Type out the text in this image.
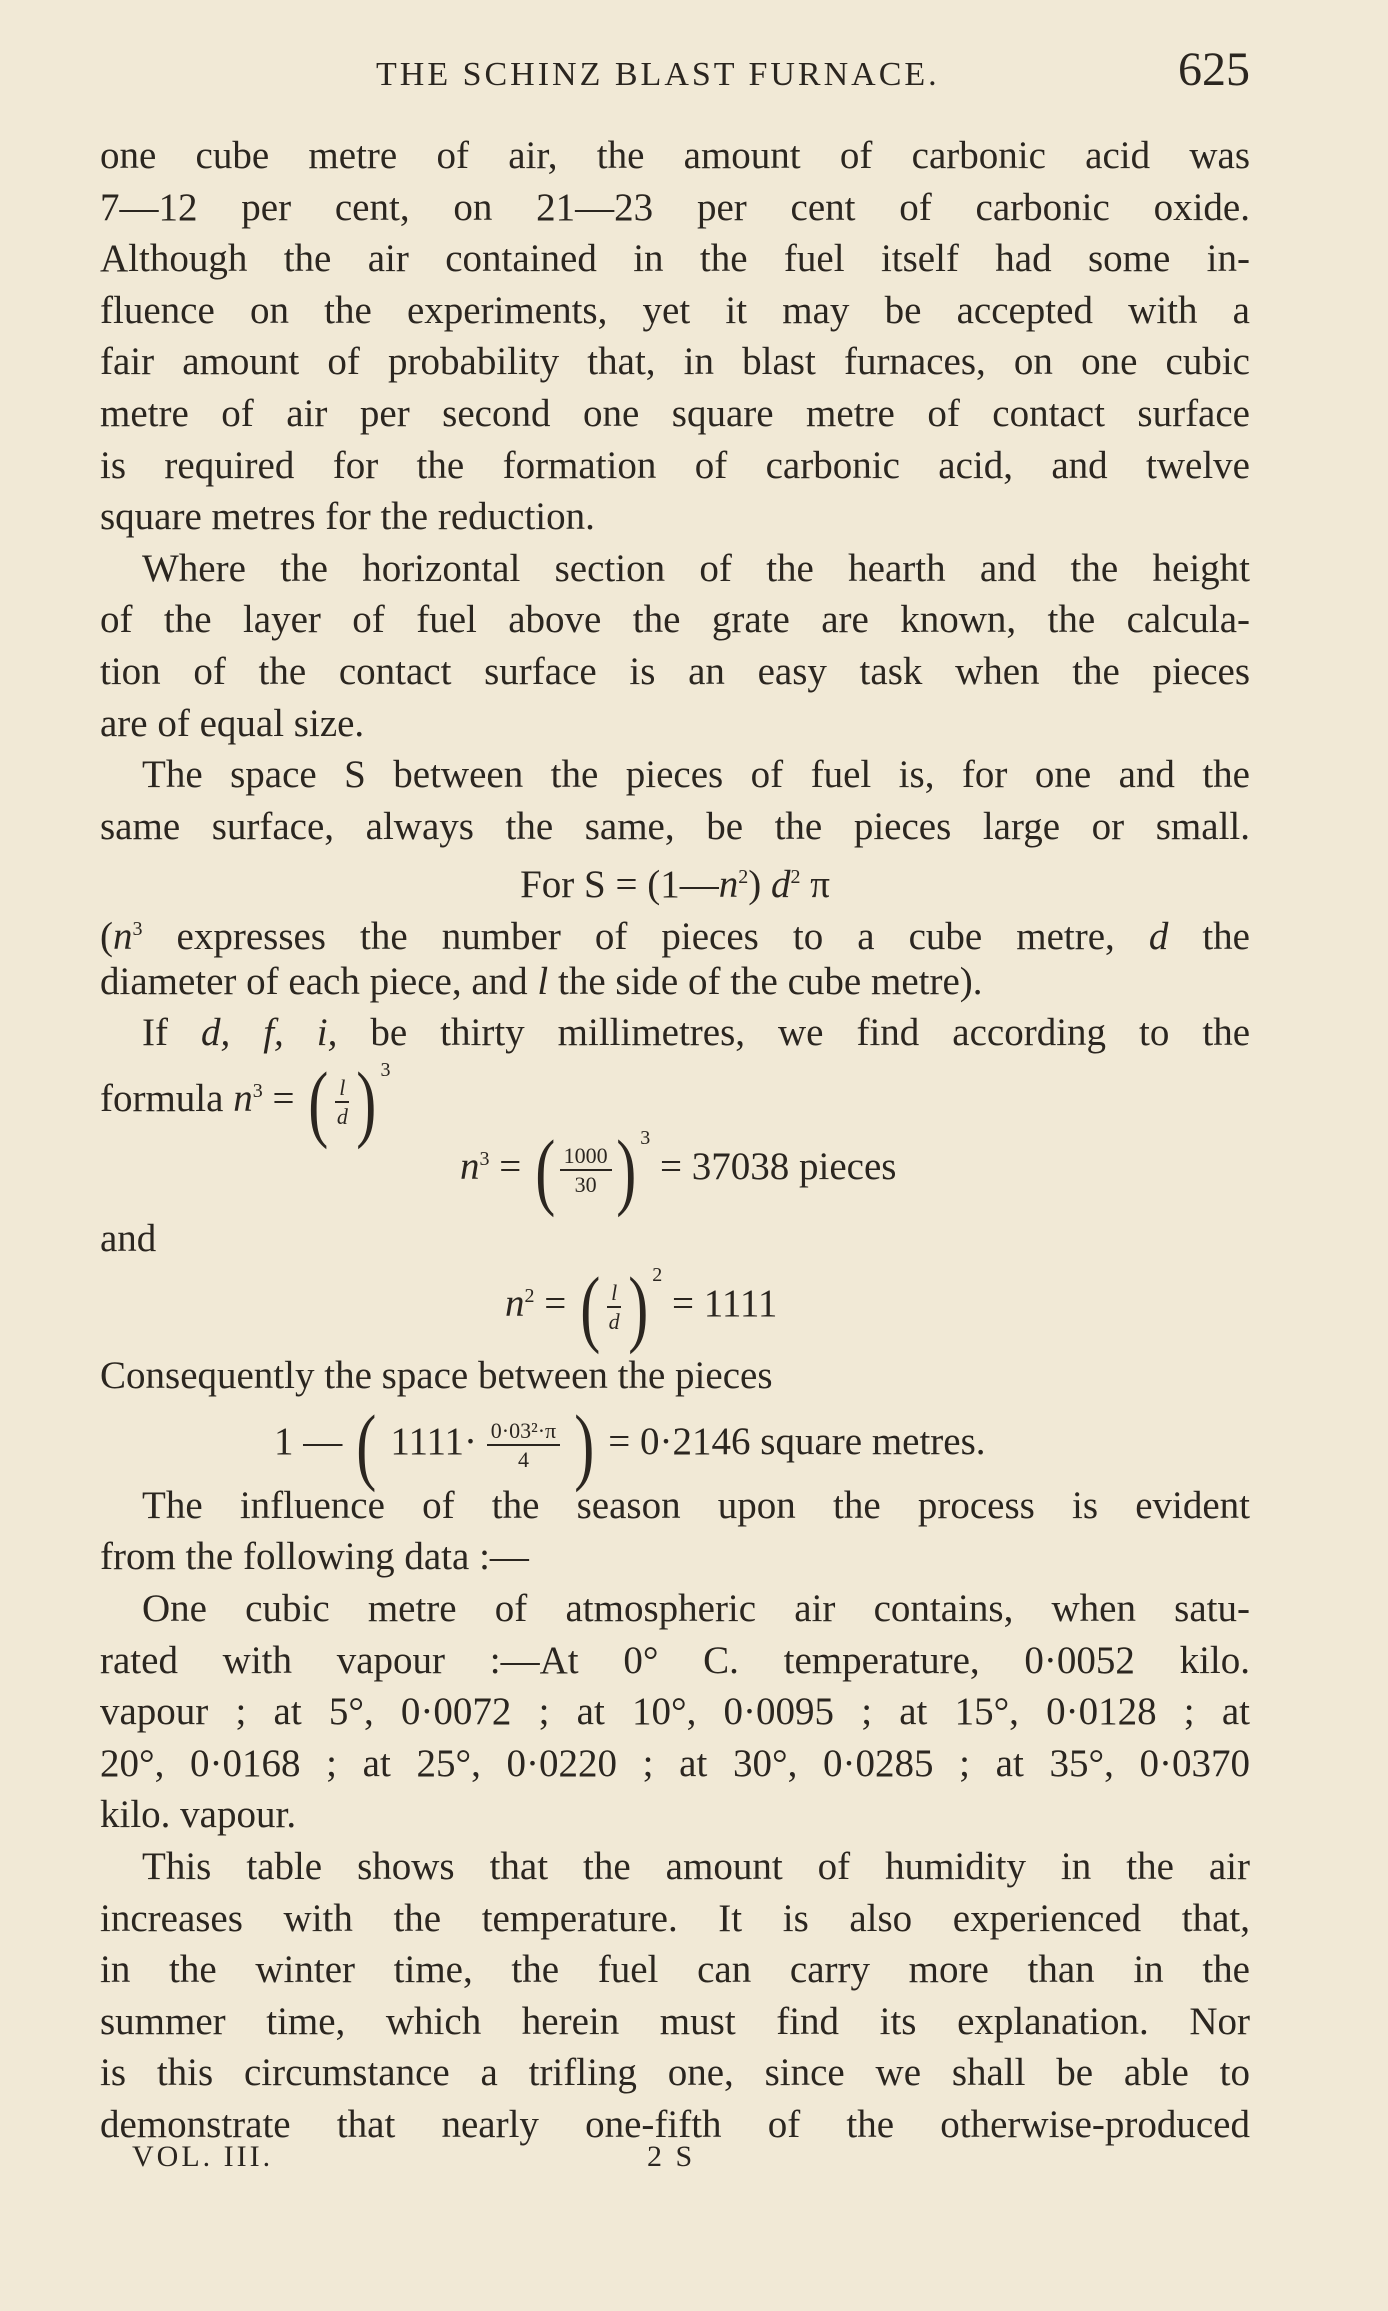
THE SCHINZ BLAST FURNACE.	625
one cube metre of air, the amount of carbonic acid was
7—12 per cent, on 21—23 per cent of carbonic oxide.
Although the air contained in the fuel itself had some in-
fluence on the experiments, yet it may be accepted with a
fair amount of probability that, in blast furnaces, on one cubic
metre of air per second one square metre of contact surface
is required for the formation of carbonic acid, and twelve
square metres for the reduction.
Where the horizontal section of the hearth and the height
of the layer of fuel above the grate are known, the calcula-
tion of the contact surface is an easy task when the pieces
are of equal size.
The space S between the pieces of fuel is, for one and the
same surface, always the same, be the pieces large or small.
For $S = (1—n^2)$ $d^2$ π
($n^3$ expresses the number of pieces to a cube metre, d the
diameter of each piece, and l the side of the cube metre).
If d, f, i, be thirty millimetres, we find according to the
formula $n^3$ = ( $\frac{l}{d}$ ) $^3$
$n^3$ = ( $\frac{1000}{30}$ ) $^3$ = 37038 pieces
and
$n^2$ = ( $\frac{l}{d}$ ) $^2$ = 1111
Consequently the space between the pieces
1 — ( $1111\cdot \frac{\text{0·03²·π}}{4}$ ) = 0·2146 square metres.
The influence of the season upon the process is evident
from the following data :—
One cubic metre of atmospheric air contains, when satu-
rated with vapour :—At 0° C. temperature, 0·0052 kilo.
vapour ; at 5°, 0·0072 ; at 10°, 0·0095 ; at 15°, 0·0128 ; at
20°, 0·0168 ; at 25°, 0·0220 ; at 30°, 0·0285 ; at 35°, 0·0370
kilo. vapour.
This table shows that the amount of humidity in the air
increases with the temperature. It is also experienced that,
in the winter time, the fuel can carry more than in the
summer time, which herein must find its explanation. Nor
is this circumstance a trifling one, since we shall be able to
demonstrate that nearly one-fifth of the otherwise-produced
VOL. III.	2 S
